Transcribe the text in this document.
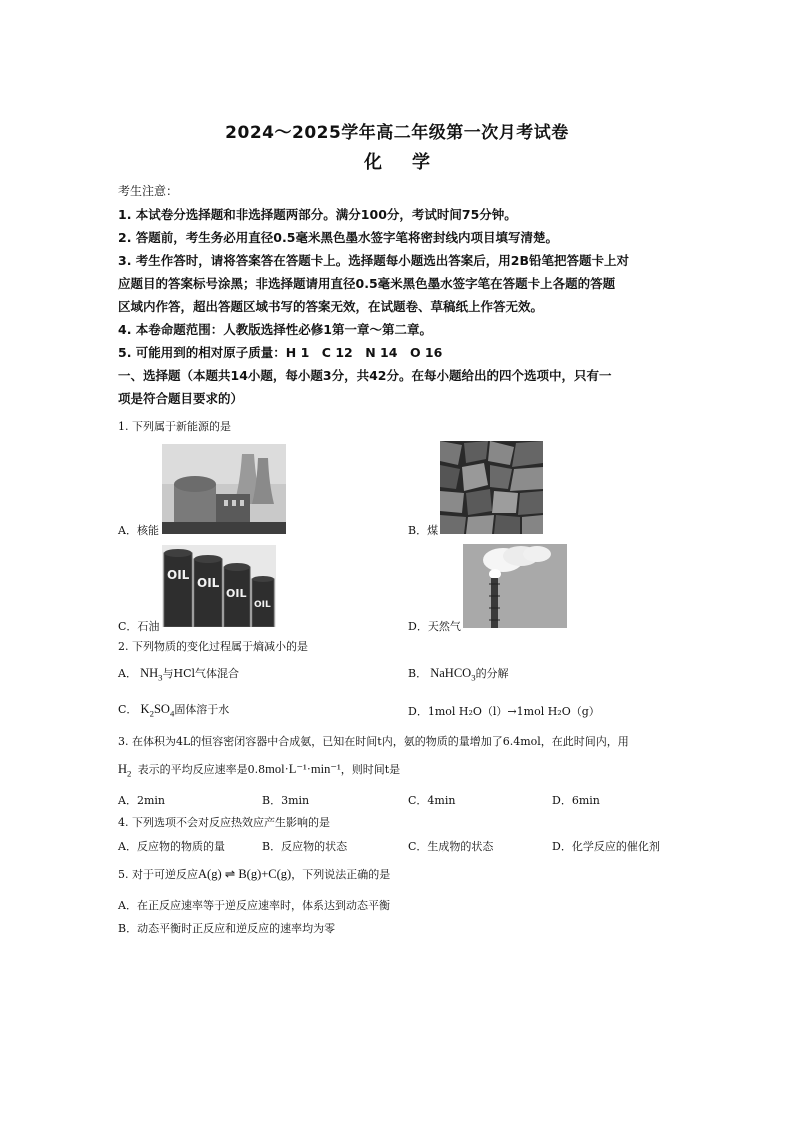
2024～2025学年高二年级第一次月考试卷
化学
考生注意：
1. 本试卷分选择题和非选择题两部分。满分100分，考试时间75分钟。
2. 答题前，考生务必用直径0.5毫米黑色墨水签字笔将密封线内项目填写清楚。
3. 考生作答时，请将答案答在答题卡上。选择题每小题选出答案后，用2B铅笔把答题卡上对
应题目的答案标号涂黑；非选择题请用直径0.5毫米黑色墨水签字笔在答题卡上各题的答题
区域内作答，超出答题区域书写的答案无效，在试题卷、草稿纸上作答无效。
4. 本卷命题范围：人教版选择性必修1第一章～第二章。
5. 可能用到的相对原子质量：H 1　C 12　N 14　O 16
一、选择题（本题共14小题，每小题3分，共42分。在每小题给出的四个选项中，只有一
项是符合题目要求的）
1. 下列属于新能源的是
A．核能	B．煤
OIL
OIL
OIL
OIL
C．石油	D．天然气
2. 下列物质的变化过程属于熵减小的是
A． $NH_3$与HCl气体混合	B． NaHCO$_3$的分解
C． $K_2SO_4$固体溶于水	D．1mol H₂O（l）→1mol H₂O（g）
3. 在体积为4L的恒容密闭容器中合成氨，已知在时间t内，氨的物质的量增加了6.4mol，在此时间内，用
$H_2$ 表示的平均反应速率是0.8mol·L⁻¹·min⁻¹，则时间t是
A．2min	B．3min	C．4min	D．6min
4. 下列选项不会对反应热效应产生影响的是
A．反应物的物质的量	B．反应物的状态	C．生成物的状态	D．化学反应的催化剂
5. 对于可逆反应A(g) ⇌ B(g)+C(g)，下列说法正确的是
A．在正反应速率等于逆反应速率时，体系达到动态平衡
B．动态平衡时正反应和逆反应的速率均为零
